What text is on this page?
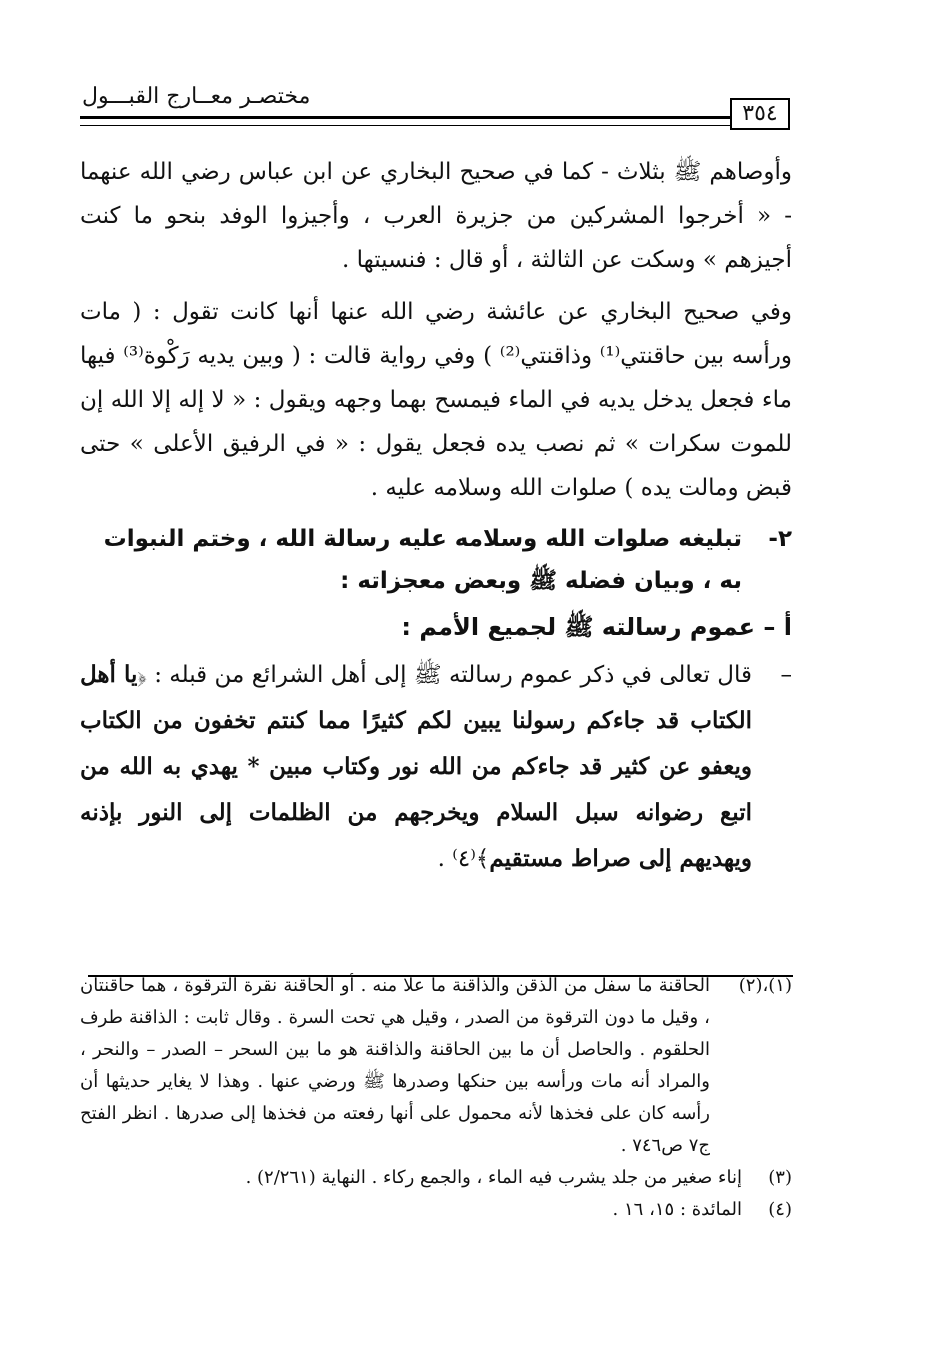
مختصـر معــارج القبـــول
٣٥٤

وأوصاهم ﷺ بثلاث - كما في صحيح البخاري عن ابن عباس رضي الله عنهما - « أخرجوا المشركين من جزيرة العرب ، وأجيزوا الوفد بنحو ما كنت أجيزهم » وسكت عن الثالثة ، أو قال : فنسيتها .

وفي صحيح البخاري عن عائشة رضي الله عنها أنها كانت تقول : ( مات ورأسه بين حاقنتي⁽¹⁾ وذاقنتي⁽²⁾ ) وفي رواية قالت : ( وبين يديه رَكْوة⁽³⁾ فيها ماء فجعل يدخل يديه في الماء فيمسح بهما وجهه ويقول : « لا إله إلا الله إن للموت سكرات » ثم نصب يده فجعل يقول : « في الرفيق الأعلى » حتى قبض ومالت يده ) صلوات الله وسلامه عليه .

٢-
تبليغه صلوات الله وسلامه عليه رسالة الله ، وختم النبوات به ، وبيان فضله ﷺ وبعض معجزاته :
أ – عموم رسالته ﷺ لجميع الأمم :
–
قال تعالى في ذكر عموم رسالته ﷺ إلى أهل الشرائع من قبله : ﴿يا أهل الكتاب قد جاءكم رسولنا يبين لكم كثيرًا مما كنتم تخفون من الكتاب ويعفو عن كثير قد جاءكم من الله نور وكتاب مبين * يهدي به الله من اتبع رضوانه سبل السلام ويخرجهم من الظلمات إلى النور بإذنه ويهديهم إلى صراط مستقيم﴾⁽٤⁾ .
(١)،(٢)
الحاقنة ما سفل من الذقن والذاقنة ما علا منه . أو الحاقنة نقرة الترقوة ، هما حاقنتان ، وقيل ما دون الترقوة من الصدر ، وقيل هي تحت السرة . وقال ثابت : الذاقنة طرف الحلقوم . والحاصل أن ما بين الحاقنة والذاقنة هو ما بين السحر – الصدر – والنحر ، والمراد أنه مات ورأسه بين حنكها وصدرها ﷺ ورضي عنها . وهذا لا يغاير حديثها أن رأسه كان على فخذها لأنه محمول على أنها رفعته من فخذها إلى صدرها . انظر الفتح ج٧ ص٧٤٦ .
(٣)
إناء صغير من جلد يشرب فيه الماء ، والجمع ركاء . النهاية (٢/٢٦١) .
(٤)
المائدة : ١٥، ١٦ .
